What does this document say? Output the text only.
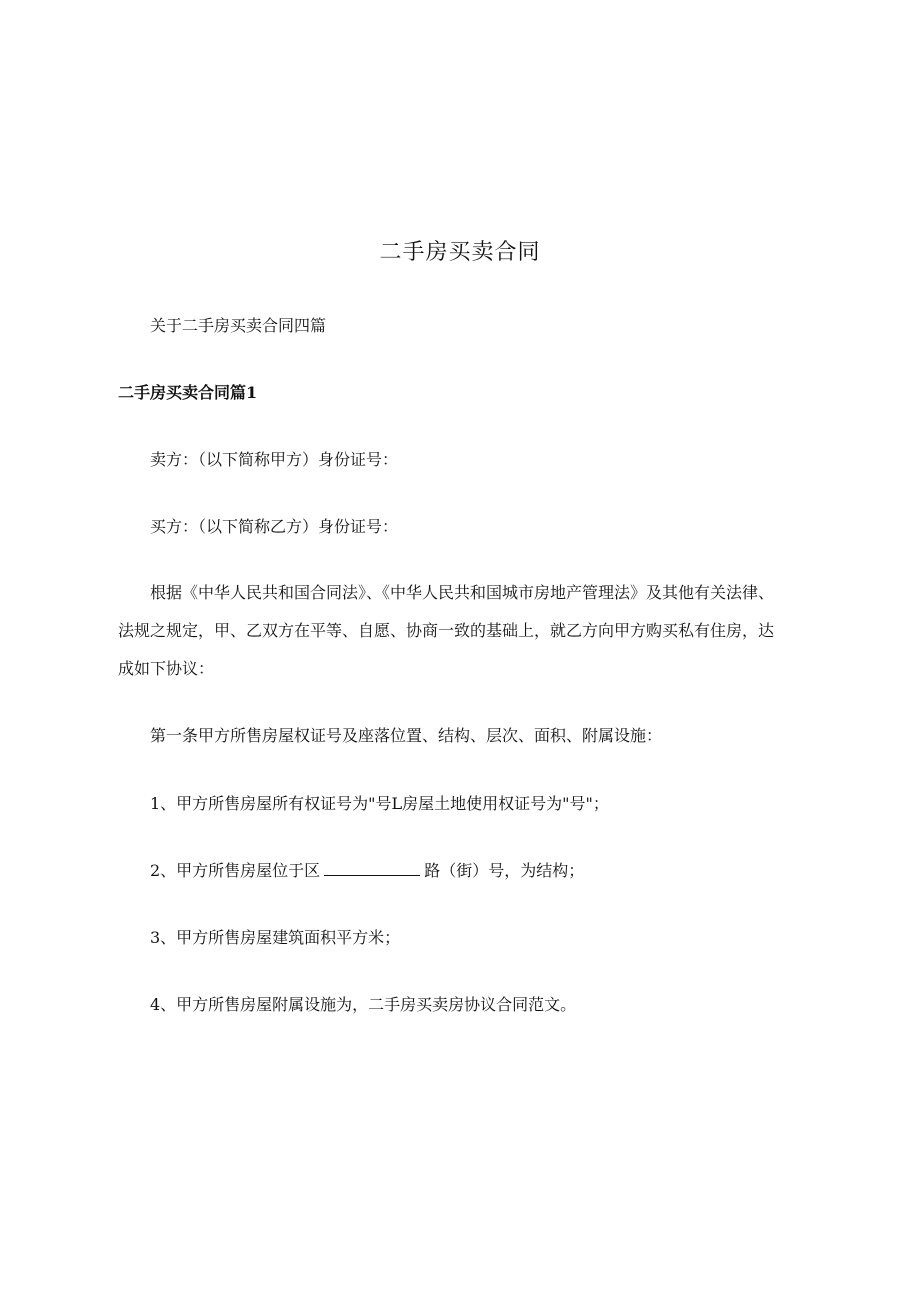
二手房买卖合同
关于二手房买卖合同四篇
二手房买卖合同篇1
卖方：（以下简称甲方）身份证号：
买方：（以下简称乙方）身份证号：
根据《中华人民共和国合同法》、《中华人民共和国城市房地产管理法》及其他有关法律、
法规之规定，甲、乙双方在平等、自愿、协商一致的基础上，就乙方向甲方购买私有住房，达
成如下协议：
第一条甲方所售房屋权证号及座落位置、结构、层次、面积、附属设施：
1、甲方所售房屋所有权证号为"号L房屋土地使用权证号为"号"；
2、甲方所售房屋位于区	路（街）号，为结构；
3、甲方所售房屋建筑面积平方米；
4、甲方所售房屋附属设施为，二手房买卖房协议合同范文。
